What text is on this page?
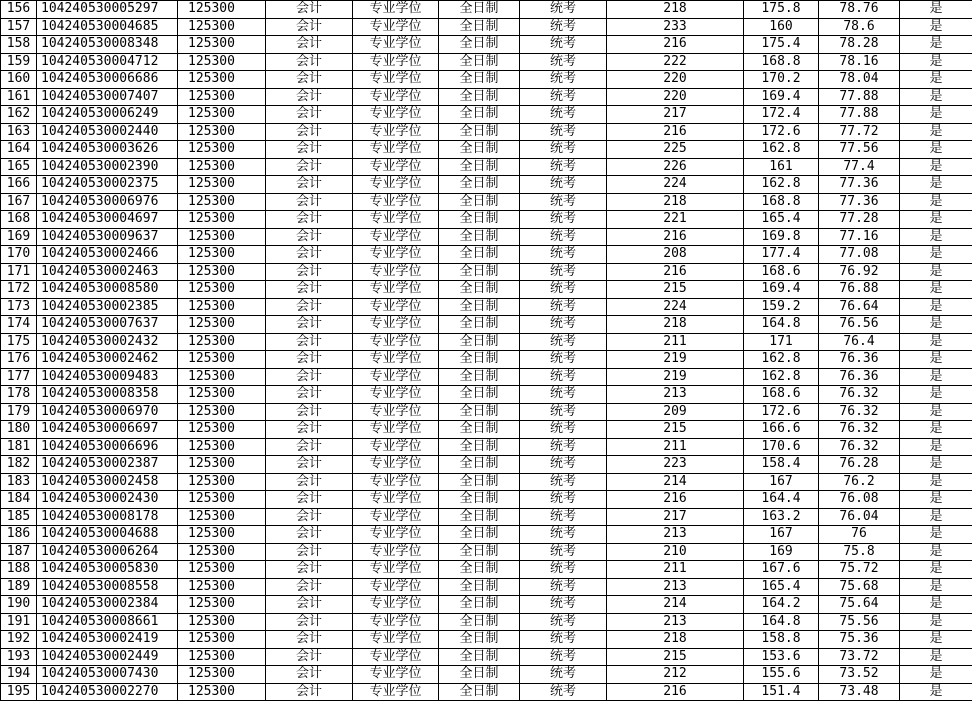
156	104240530005297	125300	会计	专业学位	全日制	统考	218	175.8	78.76	是
157	104240530004685	125300	会计	专业学位	全日制	统考	233	160	78.6	是
158	104240530008348	125300	会计	专业学位	全日制	统考	216	175.4	78.28	是
159	104240530004712	125300	会计	专业学位	全日制	统考	222	168.8	78.16	是
160	104240530006686	125300	会计	专业学位	全日制	统考	220	170.2	78.04	是
161	104240530007407	125300	会计	专业学位	全日制	统考	220	169.4	77.88	是
162	104240530006249	125300	会计	专业学位	全日制	统考	217	172.4	77.88	是
163	104240530002440	125300	会计	专业学位	全日制	统考	216	172.6	77.72	是
164	104240530003626	125300	会计	专业学位	全日制	统考	225	162.8	77.56	是
165	104240530002390	125300	会计	专业学位	全日制	统考	226	161	77.4	是
166	104240530002375	125300	会计	专业学位	全日制	统考	224	162.8	77.36	是
167	104240530006976	125300	会计	专业学位	全日制	统考	218	168.8	77.36	是
168	104240530004697	125300	会计	专业学位	全日制	统考	221	165.4	77.28	是
169	104240530009637	125300	会计	专业学位	全日制	统考	216	169.8	77.16	是
170	104240530002466	125300	会计	专业学位	全日制	统考	208	177.4	77.08	是
171	104240530002463	125300	会计	专业学位	全日制	统考	216	168.6	76.92	是
172	104240530008580	125300	会计	专业学位	全日制	统考	215	169.4	76.88	是
173	104240530002385	125300	会计	专业学位	全日制	统考	224	159.2	76.64	是
174	104240530007637	125300	会计	专业学位	全日制	统考	218	164.8	76.56	是
175	104240530002432	125300	会计	专业学位	全日制	统考	211	171	76.4	是
176	104240530002462	125300	会计	专业学位	全日制	统考	219	162.8	76.36	是
177	104240530009483	125300	会计	专业学位	全日制	统考	219	162.8	76.36	是
178	104240530008358	125300	会计	专业学位	全日制	统考	213	168.6	76.32	是
179	104240530006970	125300	会计	专业学位	全日制	统考	209	172.6	76.32	是
180	104240530006697	125300	会计	专业学位	全日制	统考	215	166.6	76.32	是
181	104240530006696	125300	会计	专业学位	全日制	统考	211	170.6	76.32	是
182	104240530002387	125300	会计	专业学位	全日制	统考	223	158.4	76.28	是
183	104240530002458	125300	会计	专业学位	全日制	统考	214	167	76.2	是
184	104240530002430	125300	会计	专业学位	全日制	统考	216	164.4	76.08	是
185	104240530008178	125300	会计	专业学位	全日制	统考	217	163.2	76.04	是
186	104240530004688	125300	会计	专业学位	全日制	统考	213	167	76	是
187	104240530006264	125300	会计	专业学位	全日制	统考	210	169	75.8	是
188	104240530005830	125300	会计	专业学位	全日制	统考	211	167.6	75.72	是
189	104240530008558	125300	会计	专业学位	全日制	统考	213	165.4	75.68	是
190	104240530002384	125300	会计	专业学位	全日制	统考	214	164.2	75.64	是
191	104240530008661	125300	会计	专业学位	全日制	统考	213	164.8	75.56	是
192	104240530002419	125300	会计	专业学位	全日制	统考	218	158.8	75.36	是
193	104240530002449	125300	会计	专业学位	全日制	统考	215	153.6	73.72	是
194	104240530007430	125300	会计	专业学位	全日制	统考	212	155.6	73.52	是
195	104240530002270	125300	会计	专业学位	全日制	统考	216	151.4	73.48	是
